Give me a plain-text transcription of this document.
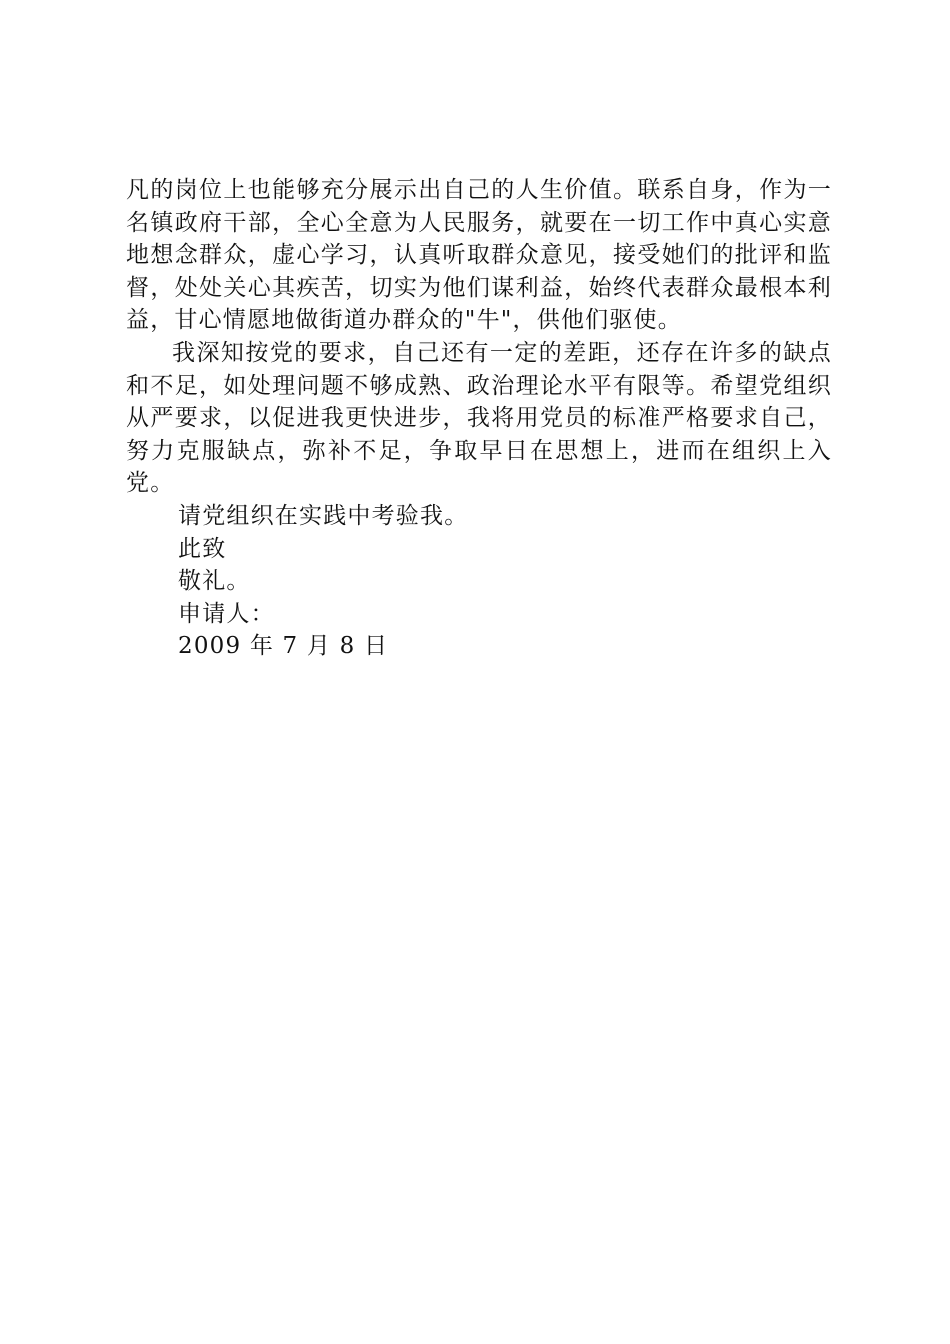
凡的岗位上也能够充分展示出自己的人生价值。联系自身，作为一名镇政府干部，全心全意为人民服务，就要在一切工作中真心实意地想念群众，虚心学习，认真听取群众意见，接受她们的批评和监督，处处关心其疾苦，切实为他们谋利益，始终代表群众最根本利益，甘心情愿地做街道办群众的"牛"，供他们驱使。

我深知按党的要求，自己还有一定的差距，还存在许多的缺点和不足，如处理问题不够成熟、政治理论水平有限等。希望党组织从严要求，以促进我更快进步，我将用党员的标准严格要求自己，努力克服缺点，弥补不足，争取早日在思想上，进而在组织上入党。

请党组织在实践中考验我。

此致

敬礼。

申请人：

2009 年 7 月 8 日
